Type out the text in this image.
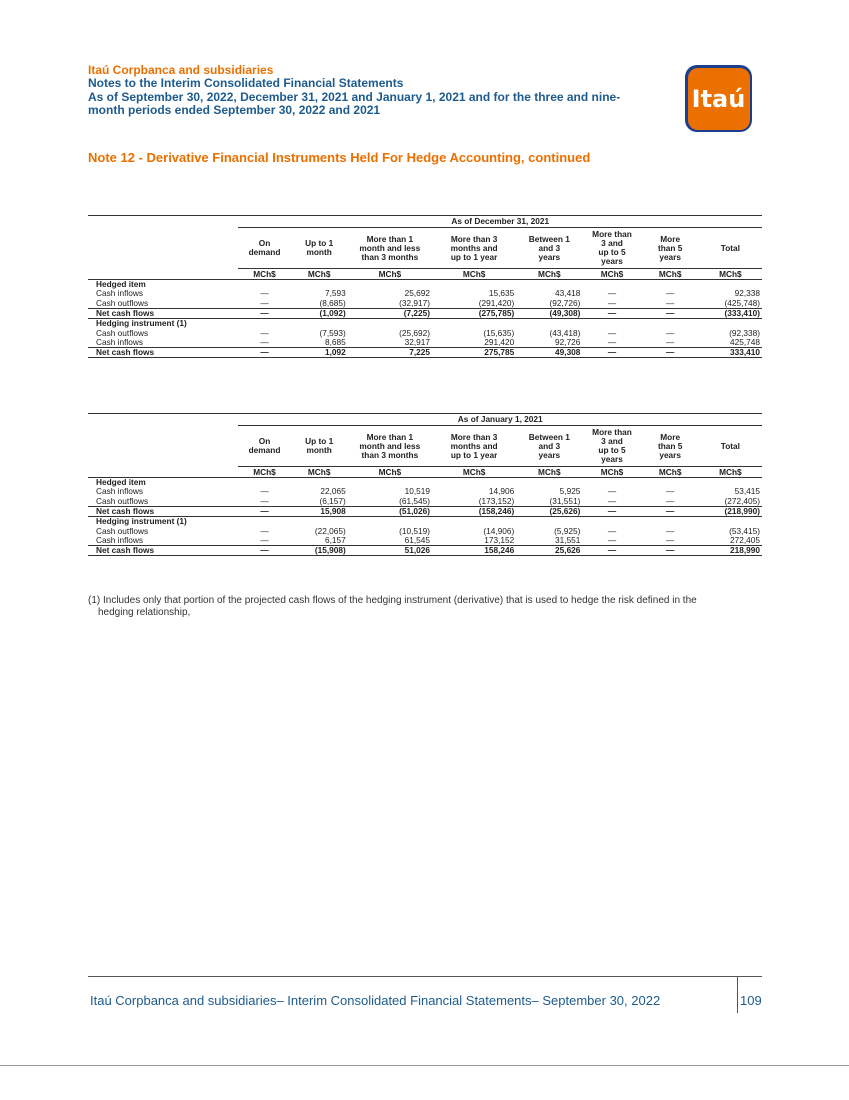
Itaú Corpbanca and subsidiaries
Notes to the Interim Consolidated Financial Statements
As of September 30, 2022, December 31, 2021 and January 1, 2021 and for the three and nine-
month periods ended September 30, 2022 and 2021	Itaú
Note 12 - Derivative Financial Instruments Held For Hedge Accounting, continued
	As of December 31, 2021							
	On
demand	Up to 1
month	More than 1
month and less
than 3 months	More than 3
months and
up to 1 year	Between 1
and 3
years	More than
3 and
up to 5
years	More
than 5
years	Total
	MCh$	MCh$	MCh$	MCh$	MCh$	MCh$	MCh$	MCh$
Hedged item								
Cash inflows	—	7,593	25,692	15,635	43,418	—	—	92,338
Cash outflows	—	(8,685)	(32,917)	(291,420)	(92,726)	—	—	(425,748)
Net cash flows	—	(1,092)	(7,225)	(275,785)	(49,308)	—	—	(333,410)
Hedging instrument (1)								
Cash outflows	—	(7,593)	(25,692)	(15,635)	(43,418)	—	—	(92,338)
Cash inflows	—	8,685	32,917	291,420	92,726	—	—	425,748
Net cash flows	—	1,092	7,225	275,785	49,308	—	—	333,410
	As of January 1, 2021							
	On
demand	Up to 1
month	More than 1
month and less
than 3 months	More than 3
months and
up to 1 year	Between 1
and 3
years	More than
3 and
up to 5
years	More
than 5
years	Total
	MCh$	MCh$	MCh$	MCh$	MCh$	MCh$	MCh$	MCh$
Hedged item								
Cash inflows	—	22,065	10,519	14,906	5,925	—	—	53,415
Cash outflows	—	(6,157)	(61,545)	(173,152)	(31,551)	—	—	(272,405)
Net cash flows	—	15,908	(51,026)	(158,246)	(25,626)	—	—	(218,990)
Hedging instrument (1)								
Cash outflows	—	(22,065)	(10,519)	(14,906)	(5,925)	—	—	(53,415)
Cash inflows	—	6,157	61,545	173,152	31,551	—	—	272,405
Net cash flows	—	(15,908)	51,026	158,246	25,626	—	—	218,990
(1) Includes only that portion of the projected cash flows of the hedging instrument (derivative) that is used to hedge the risk defined in the
hedging relationship,
Itaú Corpbanca and subsidiaries– Interim Consolidated Financial Statements– September 30, 2022	109
